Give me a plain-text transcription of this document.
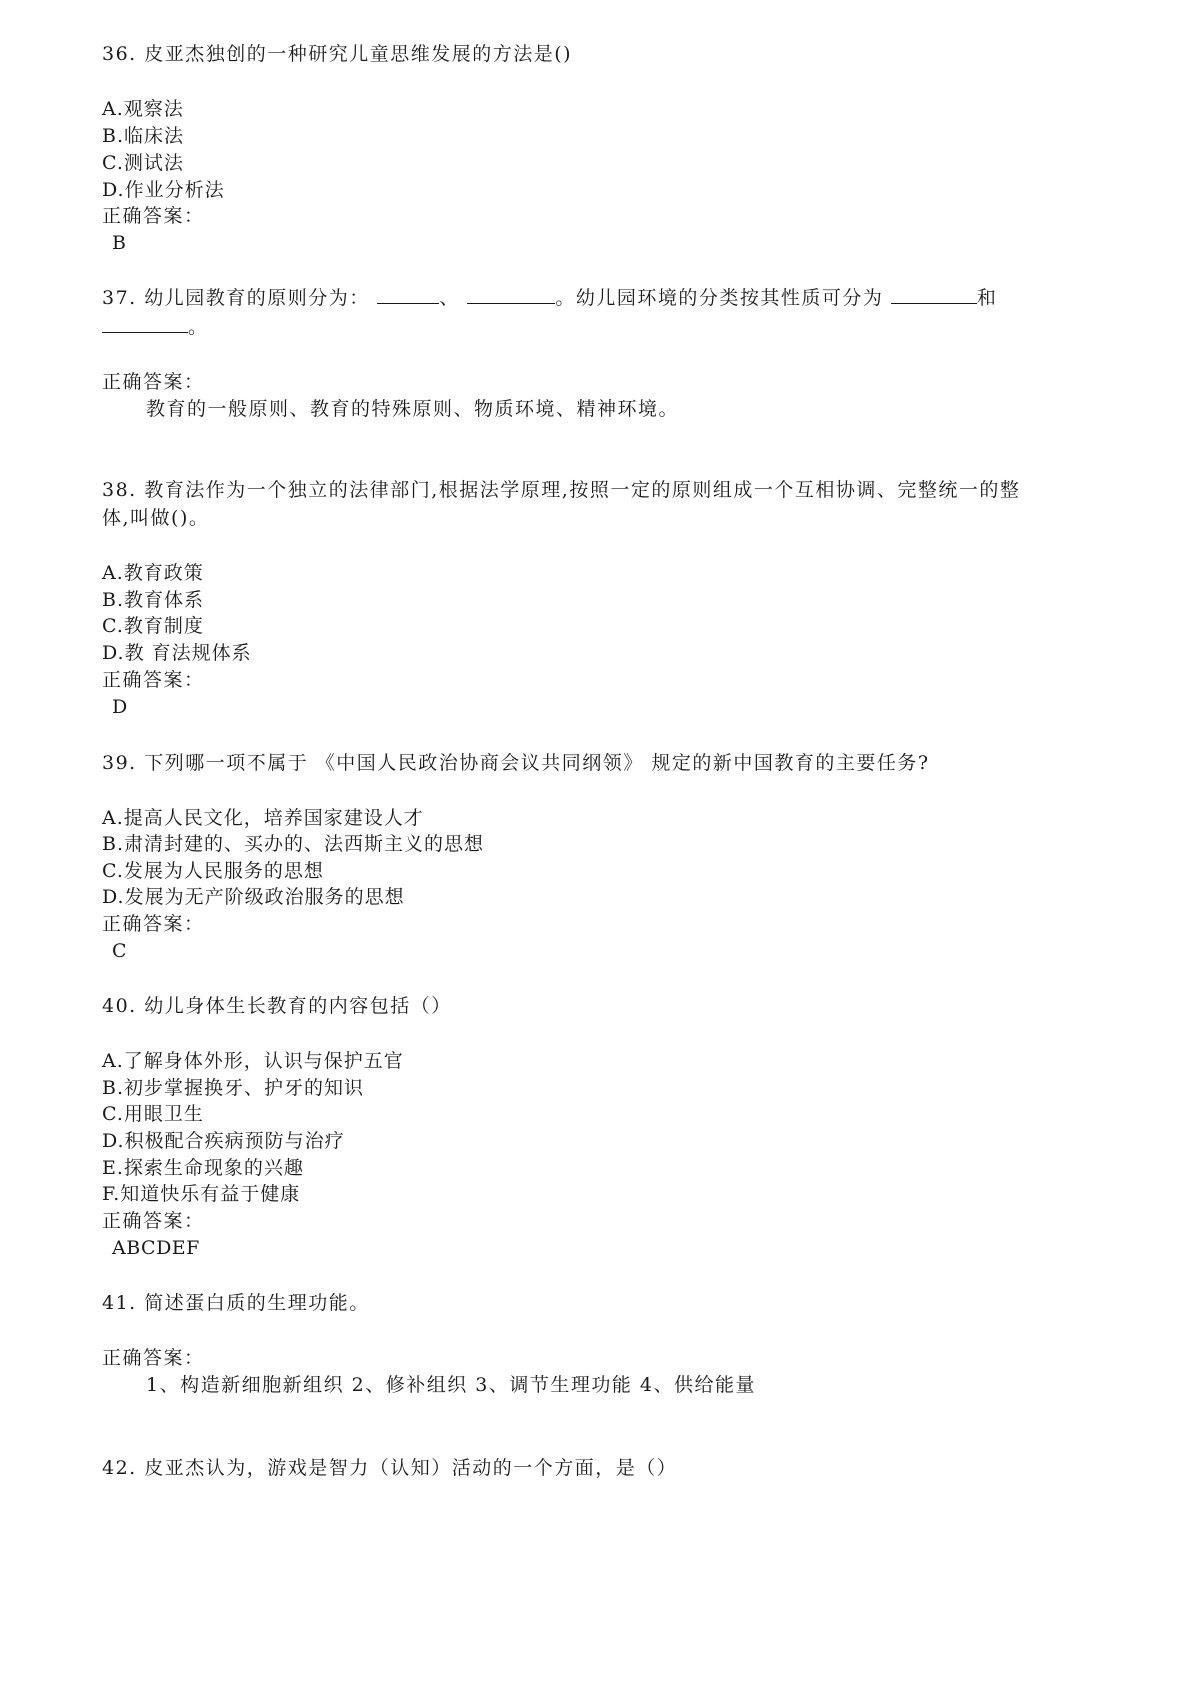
36. 皮亚杰独创的一种研究儿童思维发展的方法是()
A.观察法
B.临床法
C.测试法
D.作业分析法
正确答案：
B
37. 幼儿园教育的原则分为：	、	。幼儿园环境的分类按其性质可分为	和
。
正确答案：
教育的一般原则、教育的特殊原则、物质环境、精神环境。
38. 教育法作为一个独立的法律部门,根据法学原理,按照一定的原则组成一个互相协调、完整统一的整
体,叫做()。
A.教育政策
B.教育体系
C.教育制度
D.教 育法规体系
正确答案：
D
39. 下列哪一项不属于 《中国人民政治协商会议共同纲领》 规定的新中国教育的主要任务?
A.提高人民文化，培养国家建设人才
B.肃清封建的、买办的、法西斯主义的思想
C.发展为人民服务的思想
D.发展为无产阶级政治服务的思想
正确答案：
C
40. 幼儿身体生长教育的内容包括（）
A.了解身体外形，认识与保护五官
B.初步掌握换牙、护牙的知识
C.用眼卫生
D.积极配合疾病预防与治疗
E.探索生命现象的兴趣
F.知道快乐有益于健康
正确答案：
ABCDEF
41. 简述蛋白质的生理功能。
正确答案：
1、构造新细胞新组织 2、修补组织 3、调节生理功能 4、供给能量
42. 皮亚杰认为，游戏是智力（认知）活动的一个方面，是（）
